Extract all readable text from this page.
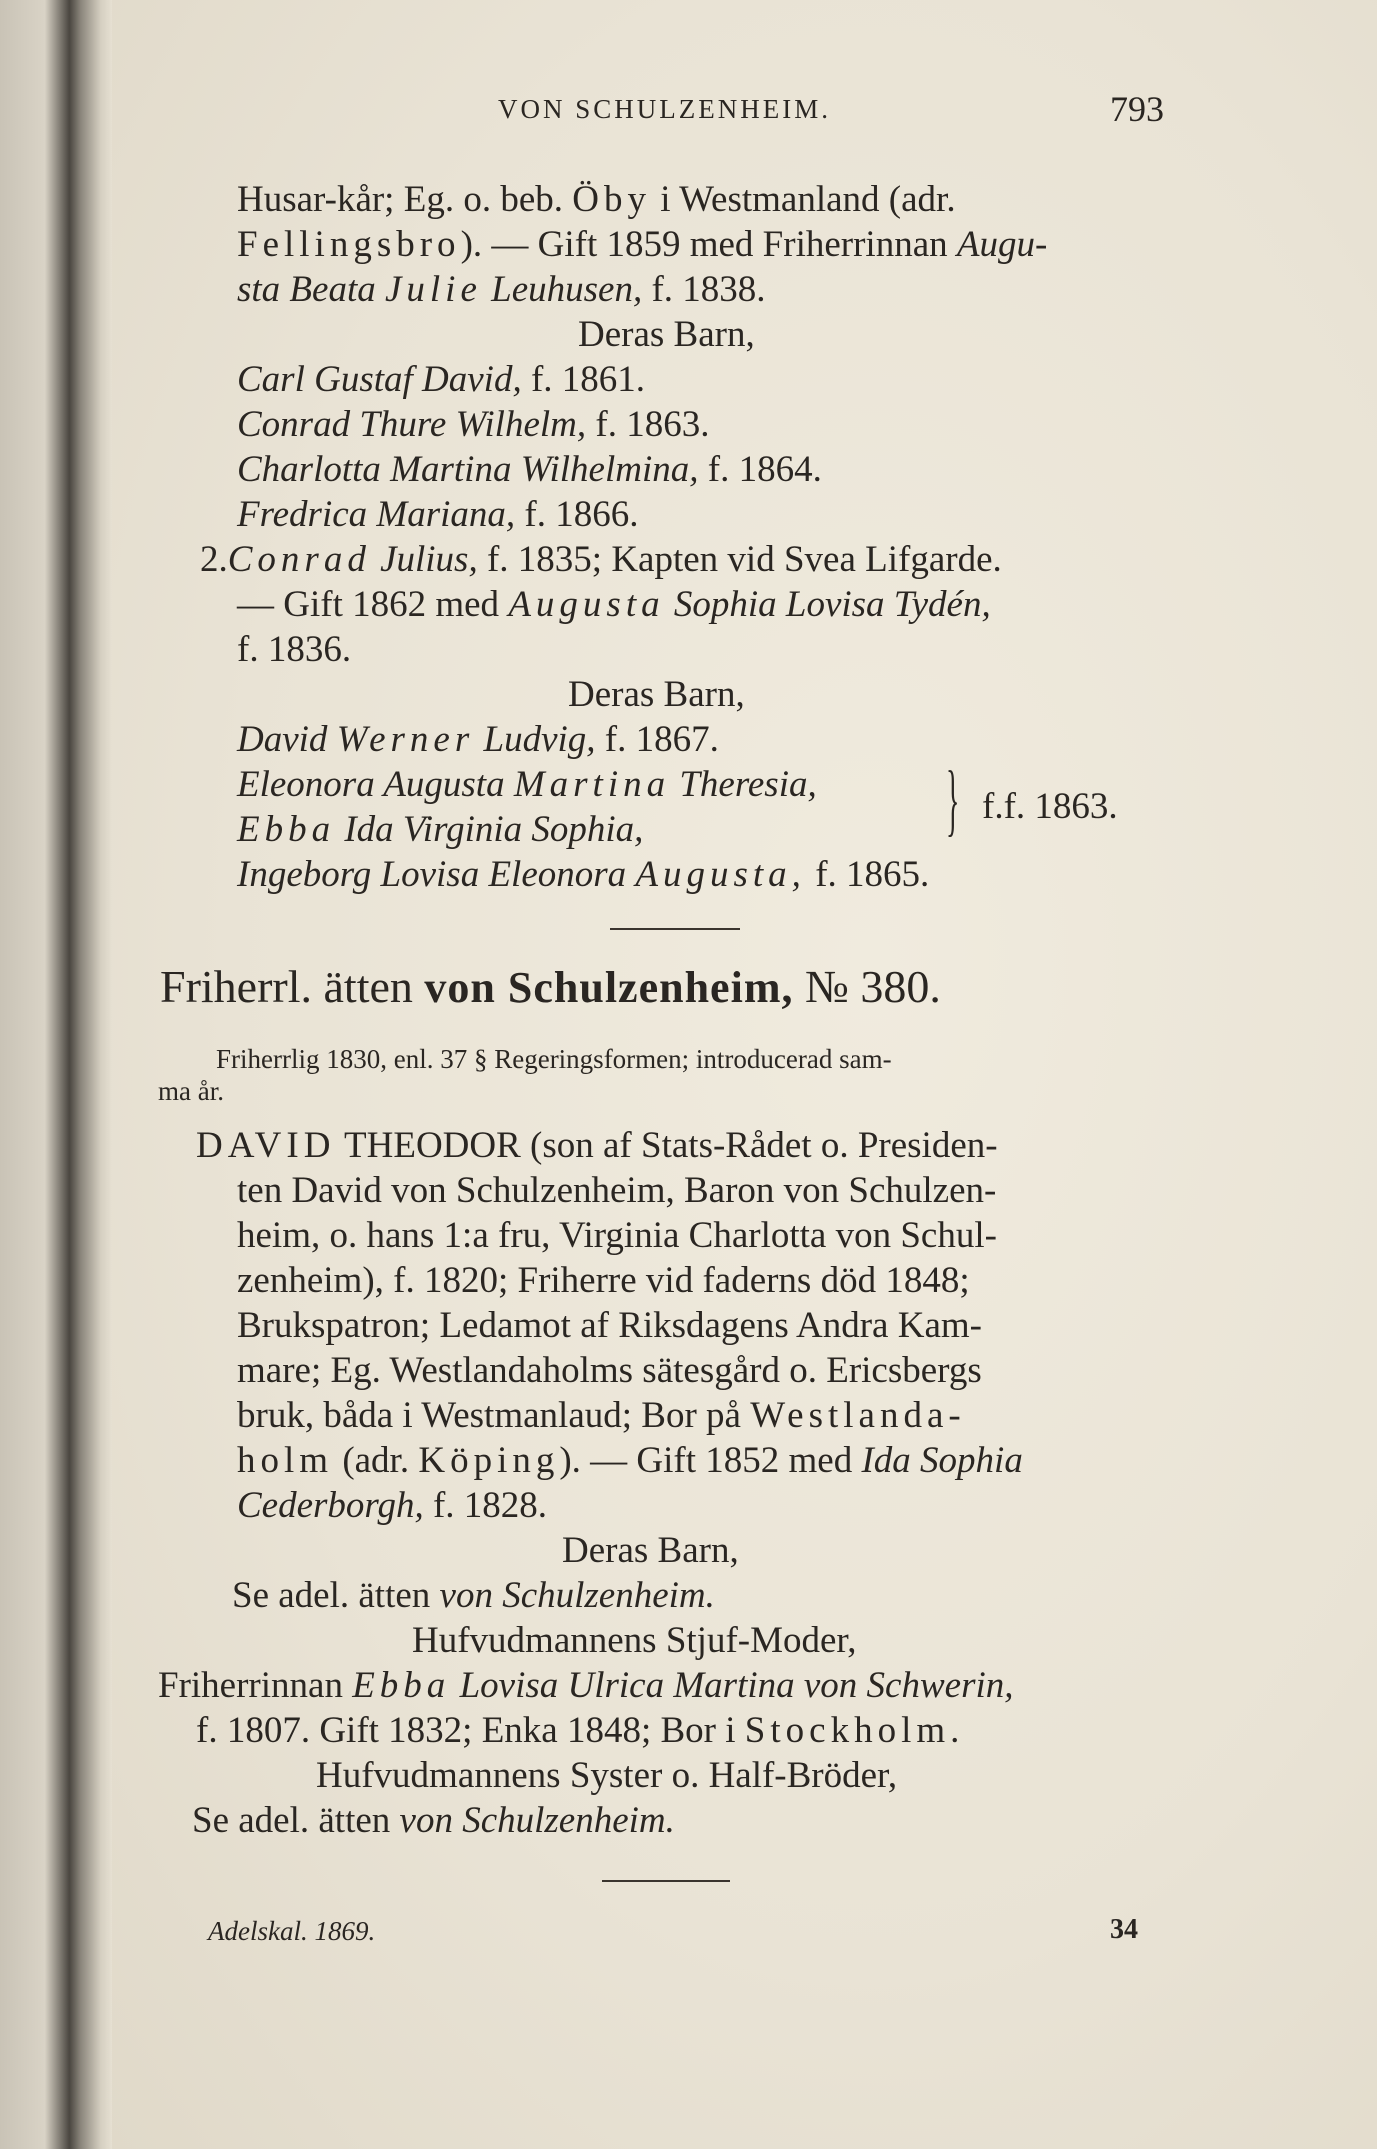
VON SCHULZENHEIM.	793
Husar-kår; Eg. o. beb. Öby i Westmanland (adr.
Fellingsbro). — Gift 1859 med Friherrinnan Augu-
sta Beata Julie Leuhusen, f. 1838.
Deras Barn,
Carl Gustaf David, f. 1861.
Conrad Thure Wilhelm, f. 1863.
Charlotta Martina Wilhelmina, f. 1864.
Fredrica Mariana, f. 1866.
2.Conrad Julius, f. 1835; Kapten vid Svea Lifgarde.
— Gift 1862 med Augusta Sophia Lovisa Tydén,
f. 1836.
Deras Barn,
David Werner Ludvig, f. 1867.
Eleonora Augusta Martina Theresia,
Ebba Ida Virginia Sophia,	} f.f. 1863.
Ingeborg Lovisa Eleonora Augusta, f. 1865.
Friherrl. ätten von Schulzenheim, № 380.
Friherrlig 1830, enl. 37 § Regeringsformen; introducerad sam-
ma år.
DAVID THEODOR (son af Stats-Rådet o. Presiden-
ten David von Schulzenheim, Baron von Schulzen-
heim, o. hans 1:a fru, Virginia Charlotta von Schul-
zenheim), f. 1820; Friherre vid faderns död 1848;
Brukspatron; Ledamot af Riksdagens Andra Kam-
mare; Eg. Westlandaholms sätesgård o. Ericsbergs
bruk, båda i Westmanlaud; Bor på Westlanda-
holm (adr. Köping). — Gift 1852 med Ida Sophia
Cederborgh, f. 1828.
Deras Barn,
Se adel. ätten von Schulzenheim.
Hufvudmannens Stjuf-Moder,
Friherrinnan Ebba Lovisa Ulrica Martina von Schwerin,
f. 1807. Gift 1832; Enka 1848; Bor i Stockholm.
Hufvudmannens Syster o. Half-Bröder,
Se adel. ätten von Schulzenheim.
Adelskal. 1869.	34
